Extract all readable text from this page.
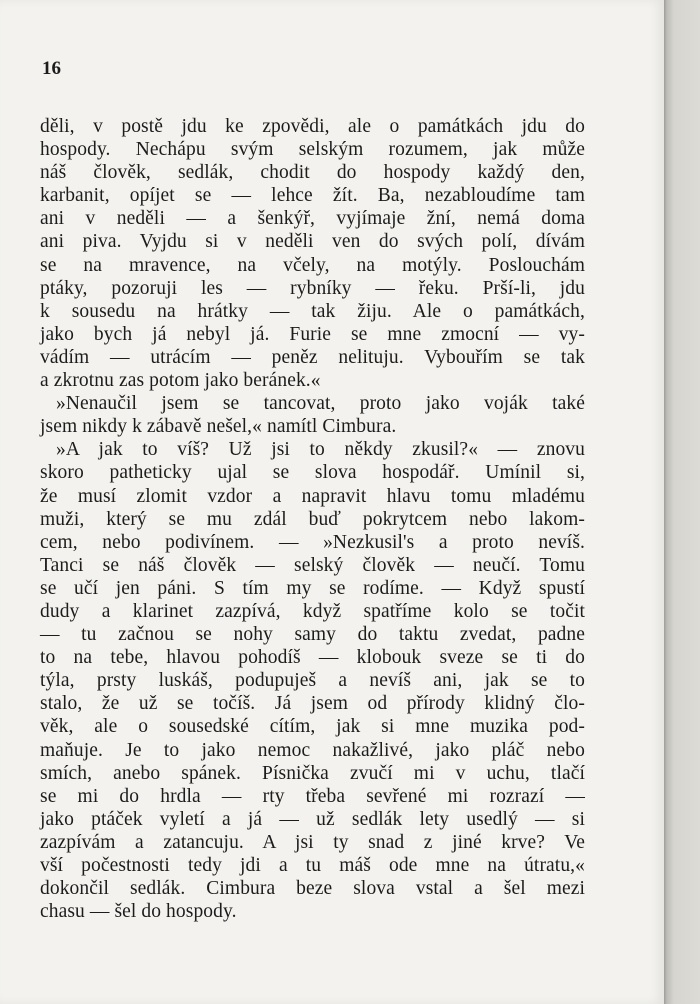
16

děli, v postě jdu ke zpovědi, ale o památkách jdu do
hospody. Nechápu svým selským rozumem, jak může
náš člověk, sedlák, chodit do hospody každý den,
karbanit, opíjet se — lehce žít. Ba, nezabloudíme tam
ani v neděli — a šenkýř, vyjímaje žní, nemá doma
ani piva. Vyjdu si v neděli ven do svých polí, dívám
se na mravence, na včely, na motýly. Poslouchám
ptáky, pozoruji les — rybníky — řeku. Prší-li, jdu
k sousedu na hrátky — tak žiju. Ale o památkách,
jako bych já nebyl já. Furie se mne zmocní — vy-
vádím — utrácím — peněz nelituju. Vybouřím se tak
a zkrotnu zas potom jako beránek.«
»Nenaučil jsem se tancovat, proto jako voják také
jsem nikdy k zábavě nešel,« namítl Cimbura.
»A jak to víš? Už jsi to někdy zkusil?« — znovu
skoro patheticky ujal se slova hospodář. Umínil si,
že musí zlomit vzdor a napravit hlavu tomu mladému
muži, který se mu zdál buď pokrytcem nebo lakom-
cem, nebo podivínem. — »Nezkusil's a proto nevíš.
Tanci se náš člověk — selský člověk — neučí. Tomu
se učí jen páni. S tím my se rodíme. — Když spustí
dudy a klarinet zazpívá, když spatříme kolo se točit
— tu začnou se nohy samy do taktu zvedat, padne
to na tebe, hlavou pohodíš — klobouk sveze se ti do
týla, prsty luskáš, podupuješ a nevíš ani, jak se to
stalo, že už se točíš. Já jsem od přírody klidný člo-
věk, ale o sousedské cítím, jak si mne muzika pod-
maňuje. Je to jako nemoc nakažlivé, jako pláč nebo
smích, anebo spánek. Písnička zvučí mi v uchu, tlačí
se mi do hrdla — rty třeba sevřené mi rozrazí —
jako ptáček vyletí a já — už sedlák lety usedlý — si
zazpívám a zatancuju. A jsi ty snad z jiné krve? Ve
vší počestnosti tedy jdi a tu máš ode mne na útratu,«
dokončil sedlák. Cimbura beze slova vstal a šel mezi
chasu — šel do hospody.
